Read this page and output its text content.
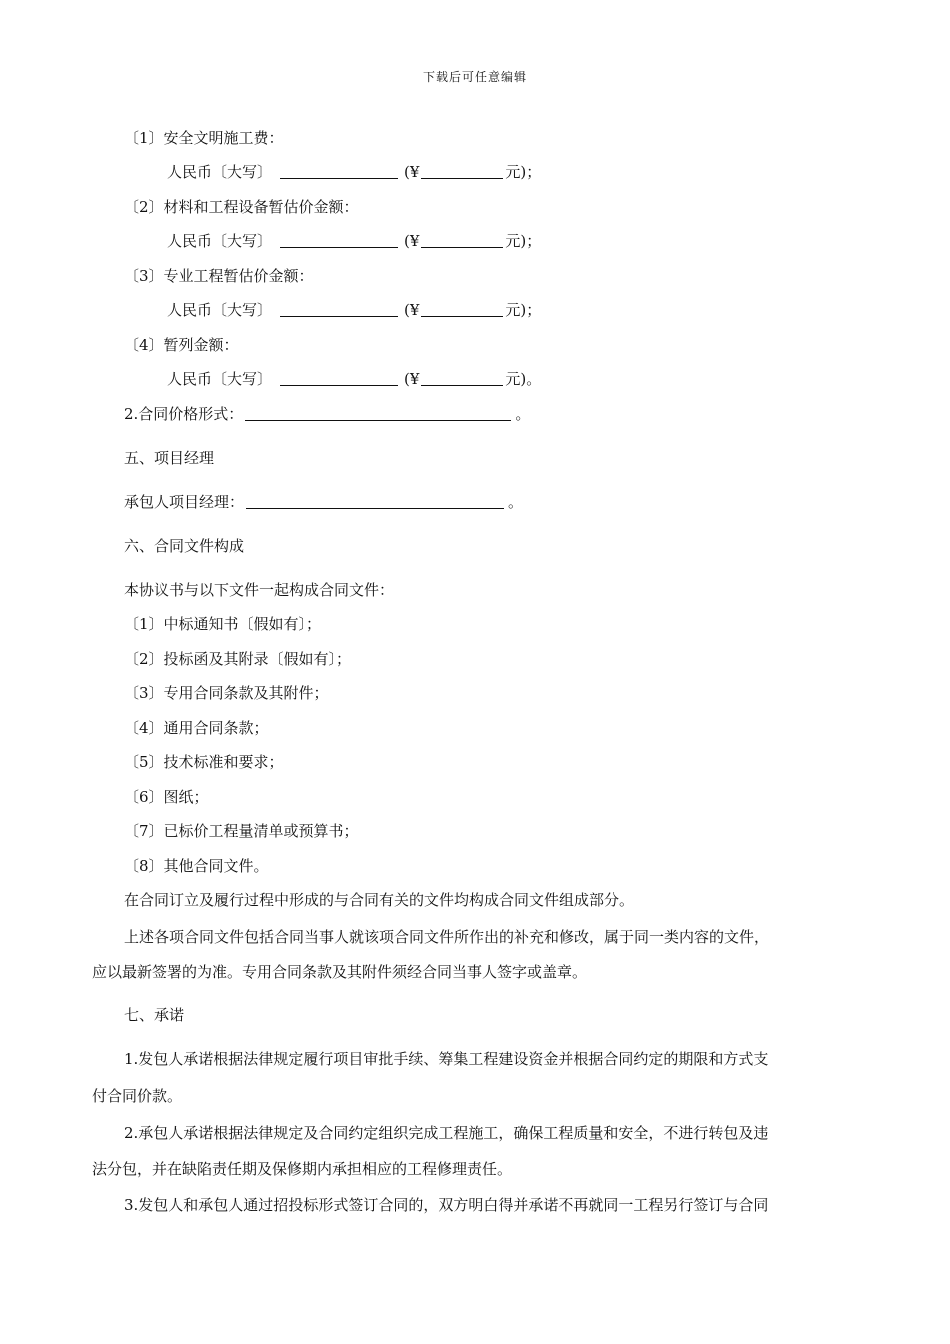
下载后可任意编辑
〔1〕安全文明施工费：
人民币〔大写〕	(¥	元)；
〔2〕材料和工程设备暂估价金额：
人民币〔大写〕	(¥	元)；
〔3〕专业工程暂估价金额：
人民币〔大写〕	(¥	元)；
〔4〕暂列金额：
人民币〔大写〕	(¥	元)。
2.合同价格形式：	。
五、项目经理
承包人项目经理：	。
六、合同文件构成
本协议书与以下文件一起构成合同文件：
〔1〕中标通知书〔假如有〕；
〔2〕投标函及其附录〔假如有〕；
〔3〕专用合同条款及其附件；
〔4〕通用合同条款；
〔5〕技术标准和要求；
〔6〕图纸；
〔7〕已标价工程量清单或预算书；
〔8〕其他合同文件。
在合同订立及履行过程中形成的与合同有关的文件均构成合同文件组成部分。
上述各项合同文件包括合同当事人就该项合同文件所作出的补充和修改，属于同一类内容的文件，
应以最新签署的为准。专用合同条款及其附件须经合同当事人签字或盖章。
七、承诺
1.发包人承诺根据法律规定履行项目审批手续、筹集工程建设资金并根据合同约定的期限和方式支
付合同价款。
2.承包人承诺根据法律规定及合同约定组织完成工程施工，确保工程质量和安全，不进行转包及违
法分包，并在缺陷责任期及保修期内承担相应的工程修理责任。
3.发包人和承包人通过招投标形式签订合同的，双方明白得并承诺不再就同一工程另行签订与合同
